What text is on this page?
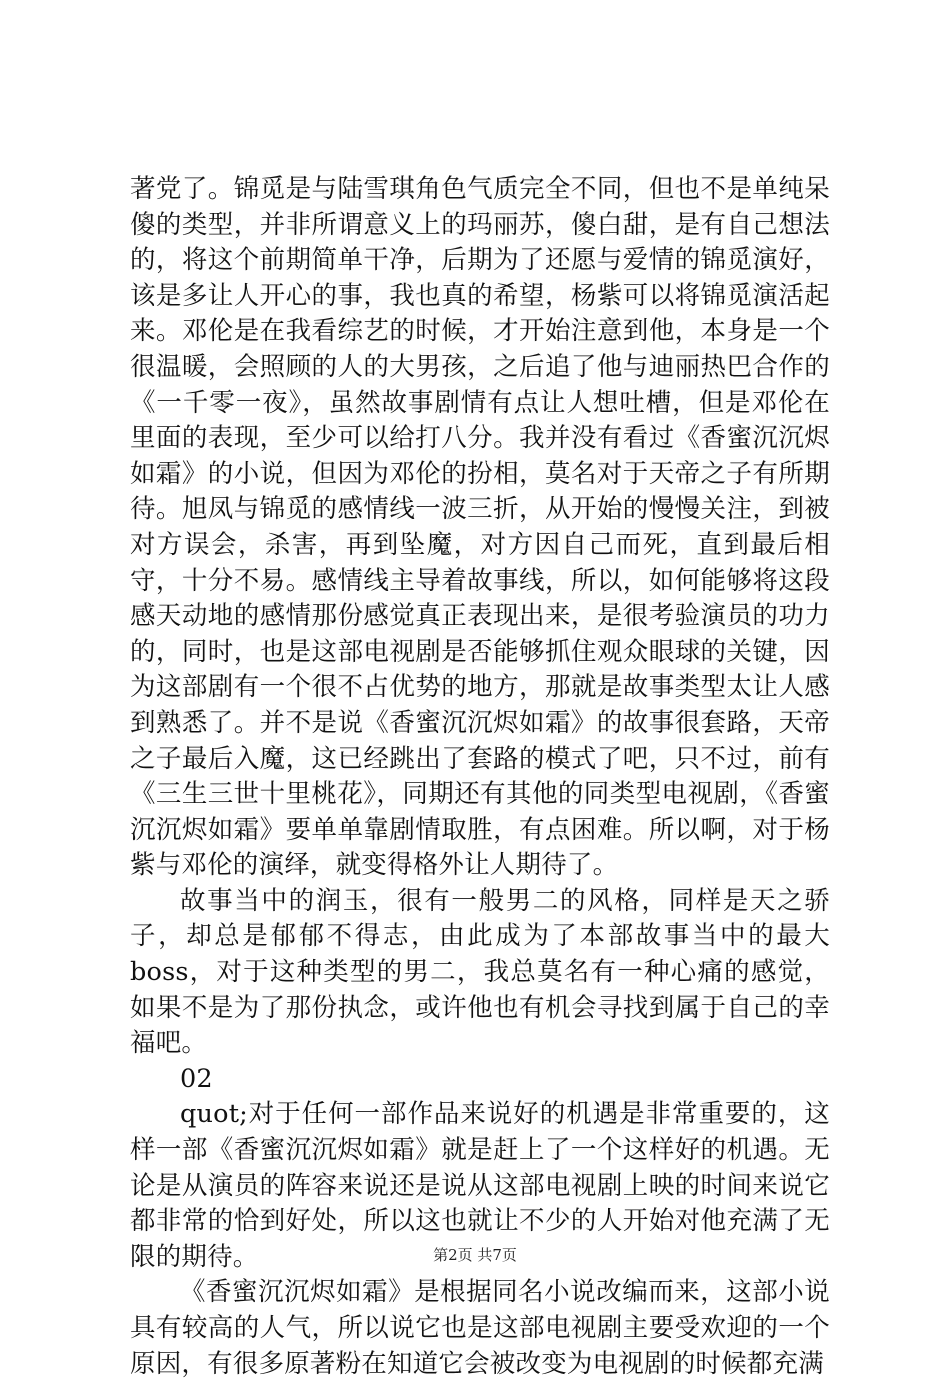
著党了。锦觅是与陆雪琪角色气质完全不同，但也不是单纯呆傻的类型，并非所谓意义上的玛丽苏，傻白甜，是有自己想法的，将这个前期简单干净，后期为了还愿与爱情的锦觅演好，该是多让人开心的事，我也真的希望，杨紫可以将锦觅演活起来。邓伦是在我看综艺的时候，才开始注意到他，本身是一个很温暖，会照顾的人的大男孩，之后追了他与迪丽热巴合作的《一千零一夜》，虽然故事剧情有点让人想吐槽，但是邓伦在里面的表现，至少可以给打八分。我并没有看过《香蜜沉沉烬如霜》的小说，但因为邓伦的扮相，莫名对于天帝之子有所期待。旭凤与锦觅的感情线一波三折，从开始的慢慢关注，到被对方误会，杀害，再到坠魔，对方因自己而死，直到最后相守，十分不易。感情线主导着故事线，所以，如何能够将这段感天动地的感情那份感觉真正表现出来，是很考验演员的功力的，同时，也是这部电视剧是否能够抓住观众眼球的关键，因为这部剧有一个很不占优势的地方，那就是故事类型太让人感到熟悉了。并不是说《香蜜沉沉烬如霜》的故事很套路，天帝之子最后入魔，这已经跳出了套路的模式了吧，只不过，前有《三生三世十里桃花》，同期还有其他的同类型电视剧，《香蜜沉沉烬如霜》要单单靠剧情取胜，有点困难。所以啊，对于杨紫与邓伦的演绎，就变得格外让人期待了。

故事当中的润玉，很有一般男二的风格，同样是天之骄子，却总是郁郁不得志，由此成为了本部故事当中的最大boss，对于这种类型的男二，我总莫名有一种心痛的感觉，如果不是为了那份执念，或许他也有机会寻找到属于自己的幸福吧。

02

quot;对于任何一部作品来说好的机遇是非常重要的，这样一部《香蜜沉沉烬如霜》就是赶上了一个这样好的机遇。无论是从演员的阵容来说还是说从这部电视剧上映的时间来说它都非常的恰到好处，所以这也就让不少的人开始对他充满了无限的期待。

《香蜜沉沉烬如霜》是根据同名小说改编而来，这部小说具有较高的人气，所以说它也是这部电视剧主要受欢迎的一个原因，有很多原著粉在知道它会被改变为电视剧的时候都充满

第2页 共7页
